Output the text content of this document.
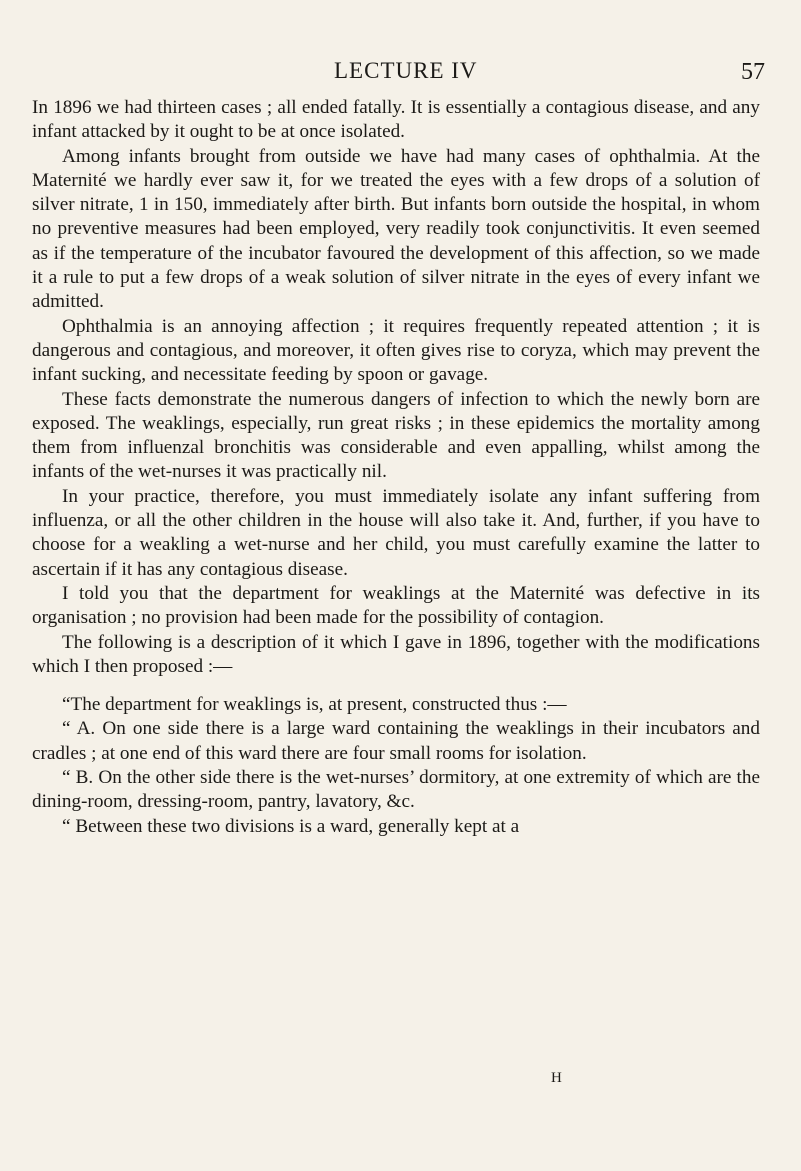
LECTURE IV	57

In 1896 we had thirteen cases ; all ended fatally. It is essentially a contagious disease, and any infant attacked by it ought to be at once isolated.

Among infants brought from outside we have had many cases of ophthalmia. At the Maternité we hardly ever saw it, for we treated the eyes with a few drops of a solution of silver nitrate, 1 in 150, immediately after birth. But infants born outside the hospital, in whom no preventive measures had been employed, very readily took conjunctivitis. It even seemed as if the temperature of the incubator favoured the development of this affection, so we made it a rule to put a few drops of a weak solution of silver nitrate in the eyes of every infant we admitted.

Ophthalmia is an annoying affection ; it requires frequently repeated attention ; it is dangerous and contagious, and moreover, it often gives rise to coryza, which may prevent the infant sucking, and necessitate feeding by spoon or gavage.

These facts demonstrate the numerous dangers of infection to which the newly born are exposed. The weaklings, especially, run great risks ; in these epidemics the mortality among them from influenzal bronchitis was considerable and even appalling, whilst among the infants of the wet-nurses it was practically nil.

In your practice, therefore, you must immediately isolate any infant suffering from influenza, or all the other children in the house will also take it. And, further, if you have to choose for a weakling a wet-nurse and her child, you must carefully examine the latter to ascertain if it has any contagious disease.

I told you that the department for weaklings at the Maternité was defective in its organisation ; no provision had been made for the possibility of contagion.

The following is a description of it which I gave in 1896, together with the modifications which I then proposed :—

“The department for weaklings is, at present, constructed thus :—

“ A. On one side there is a large ward containing the weaklings in their incubators and cradles ; at one end of this ward there are four small rooms for isolation.

“ B. On the other side there is the wet-nurses’ dormitory, at one extremity of which are the dining-room, dressing-room, pantry, lavatory, &c.

“ Between these two divisions is a ward, generally kept at a

H
